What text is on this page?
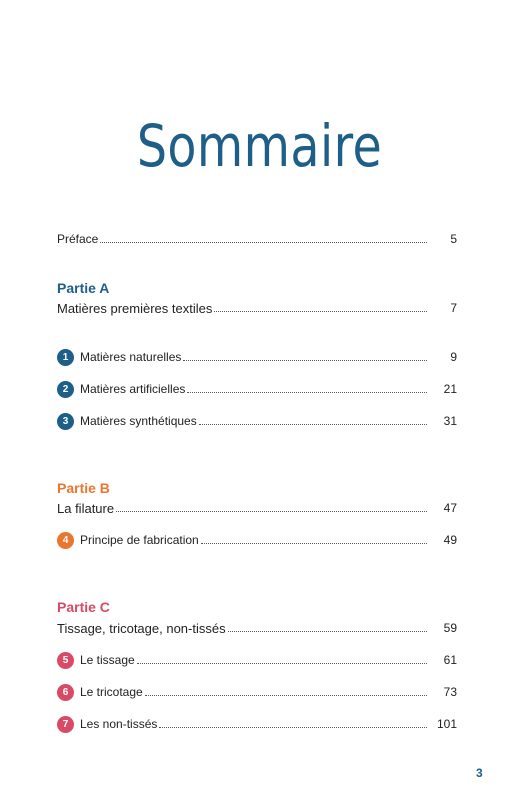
Sommaire
Préface	5
Partie A
Matières premières textiles	7
1 Matières naturelles	9
2 Matières artificielles	21
3 Matières synthétiques	31
Partie B
La filature	47
4 Principe de fabrication	49
Partie C
Tissage, tricotage, non-tissés	59
5 Le tissage	61
6 Le tricotage	73
7 Les non-tissés	101
3
